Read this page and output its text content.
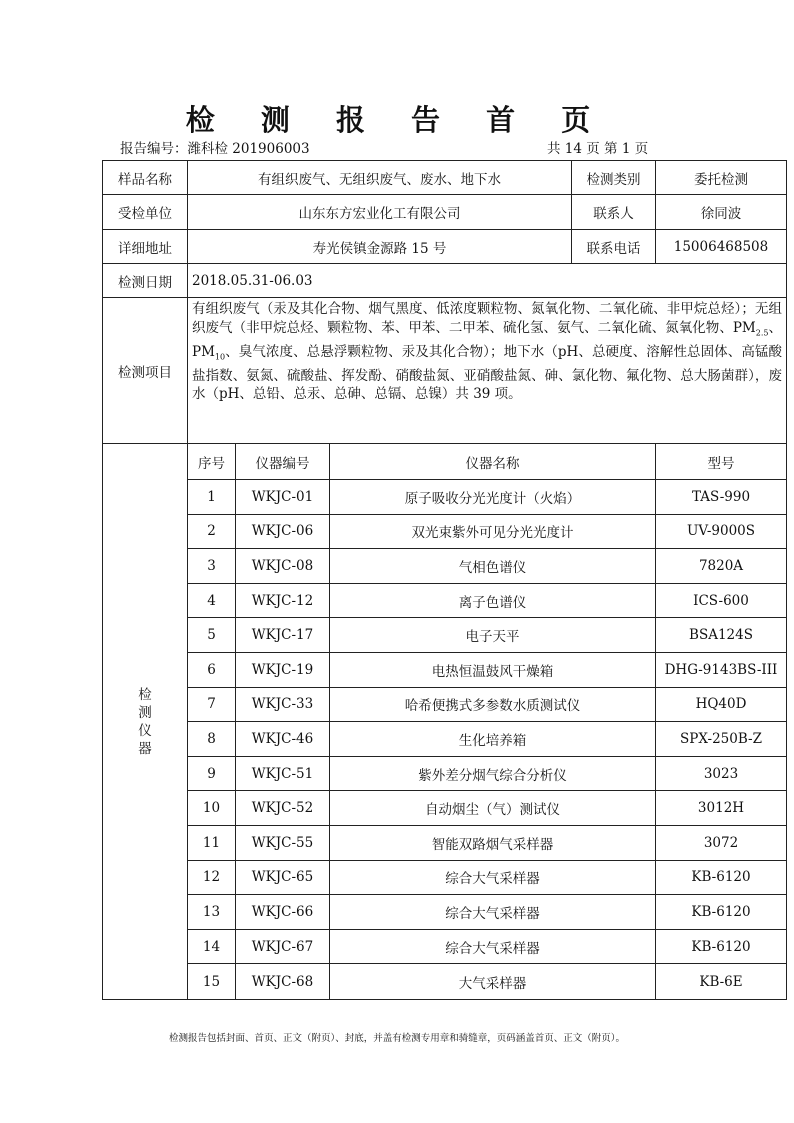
检 测 报 告 首 页
报告编号：潍科检 201906003	共 14 页 第 1 页
样品名称	有组织废气、无组织废气、废水、地下水			检测类别	委托检测
受检单位	山东东方宏业化工有限公司			联系人	徐同波
详细地址	寿光侯镇金源路 15 号			联系电话	15006468508
检测日期	2018.05.31-06.03				
检测项目	有组织废气（汞及其化合物、烟气黑度、低浓度颗粒物、氮氧化物、二氧化硫、非甲烷总烃）；无组织废气（非甲烷总烃、颗粒物、苯、甲苯、二甲苯、硫化氢、氨气、二氧化硫、氮氧化物、$PM_{2.5}$、$PM_{10}$、臭气浓度、总悬浮颗粒物、汞及其化合物）；地下水（pH、总硬度、溶解性总固体、高锰酸盐指数、氨氮、硫酸盐、挥发酚、硝酸盐氮、亚硝酸盐氮、砷、氯化物、氟化物、总大肠菌群），废水（pH、总铅、总汞、总砷、总镉、总镍）共 39 项。				

检
测
仪
器	序号	仪器编号	仪器名称		型号
	1	WKJC-01	原子吸收分光光度计（火焰）		TAS-990
	2	WKJC-06	双光束紫外可见分光光度计		UV-9000S
	3	WKJC-08	气相色谱仪		7820A
	4	WKJC-12	离子色谱仪		ICS-600
	5	WKJC-17	电子天平		BSA124S
	6	WKJC-19	电热恒温鼓风干燥箱		DHG-9143BS-III
	7	WKJC-33	哈希便携式多参数水质测试仪		HQ40D
	8	WKJC-46	生化培养箱		SPX-250B-Z
	9	WKJC-51	紫外差分烟气综合分析仪		3023
	10	WKJC-52	自动烟尘（气）测试仪		3012H
	11	WKJC-55	智能双路烟气采样器		3072
	12	WKJC-65	综合大气采样器		KB-6120
	13	WKJC-66	综合大气采样器		KB-6120
	14	WKJC-67	综合大气采样器		KB-6120
	15	WKJC-68	大气采样器		KB-6E
检测报告包括封面、首页、正文（附页）、封底，并盖有检测专用章和骑缝章，页码涵盖首页、正文（附页）。
